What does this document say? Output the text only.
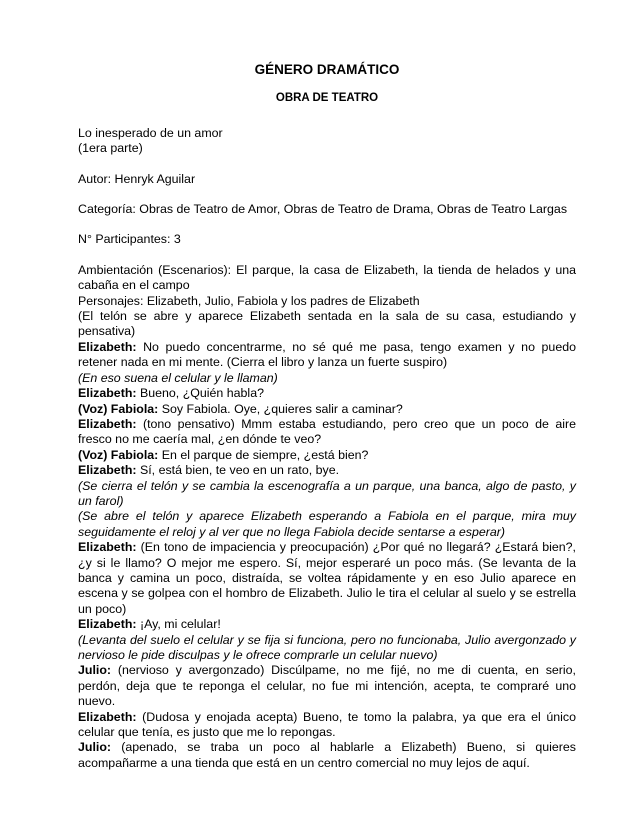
GÉNERO DRAMÁTICO
OBRA DE TEATRO

Lo inesperado de un amor

(1era parte)

Autor: Henryk Aguilar

Categoría: Obras de Teatro de Amor, Obras de Teatro de Drama, Obras de Teatro Largas

N° Participantes: 3

Ambientación (Escenarios): El parque, la casa de Elizabeth, la tienda de helados y una cabaña en el campo

Personajes: Elizabeth, Julio, Fabiola y los padres de Elizabeth

(El telón se abre y aparece Elizabeth sentada en la sala de su casa, estudiando y pensativa)

Elizabeth: No puedo concentrarme, no sé qué me pasa, tengo examen y no puedo retener nada en mi mente. (Cierra el libro y lanza un fuerte suspiro)

(En eso suena el celular y le llaman)

Elizabeth: Bueno, ¿Quién habla?

(Voz) Fabiola: Soy Fabiola. Oye, ¿quieres salir a caminar?

Elizabeth: (tono pensativo) Mmm estaba estudiando, pero creo que un poco de aire fresco no me caería mal, ¿en dónde te veo?

(Voz) Fabiola: En el parque de siempre, ¿está bien?

Elizabeth: Sí, está bien, te veo en un rato, bye.

(Se cierra el telón y se cambia la escenografía a un parque, una banca, algo de pasto, y un farol)

(Se abre el telón y aparece Elizabeth esperando a Fabiola en el parque, mira muy seguidamente el reloj y al ver que no llega Fabiola decide sentarse a esperar)

Elizabeth: (En tono de impaciencia y preocupación) ¿Por qué no llegará? ¿Estará bien?, ¿y si le llamo? O mejor me espero. Sí, mejor esperaré un poco más. (Se levanta de la banca y camina un poco, distraída, se voltea rápidamente y en eso Julio aparece en escena y se golpea con el hombro de Elizabeth. Julio le tira el celular al suelo y se estrella un poco)

Elizabeth: ¡Ay, mi celular!

(Levanta del suelo el celular y se fija si funciona, pero no funcionaba, Julio avergonzado y nervioso le pide disculpas y le ofrece comprarle un celular nuevo)

Julio: (nervioso y avergonzado) Discúlpame, no me fijé, no me di cuenta, en serio, perdón, deja que te reponga el celular, no fue mi intención, acepta, te compraré uno nuevo.

Elizabeth: (Dudosa y enojada acepta) Bueno, te tomo la palabra, ya que era el único celular que tenía, es justo que me lo repongas.

Julio: (apenado, se traba un poco al hablarle a Elizabeth) Bueno, si quieres acompañarme a una tienda que está en un centro comercial no muy lejos de aquí.
